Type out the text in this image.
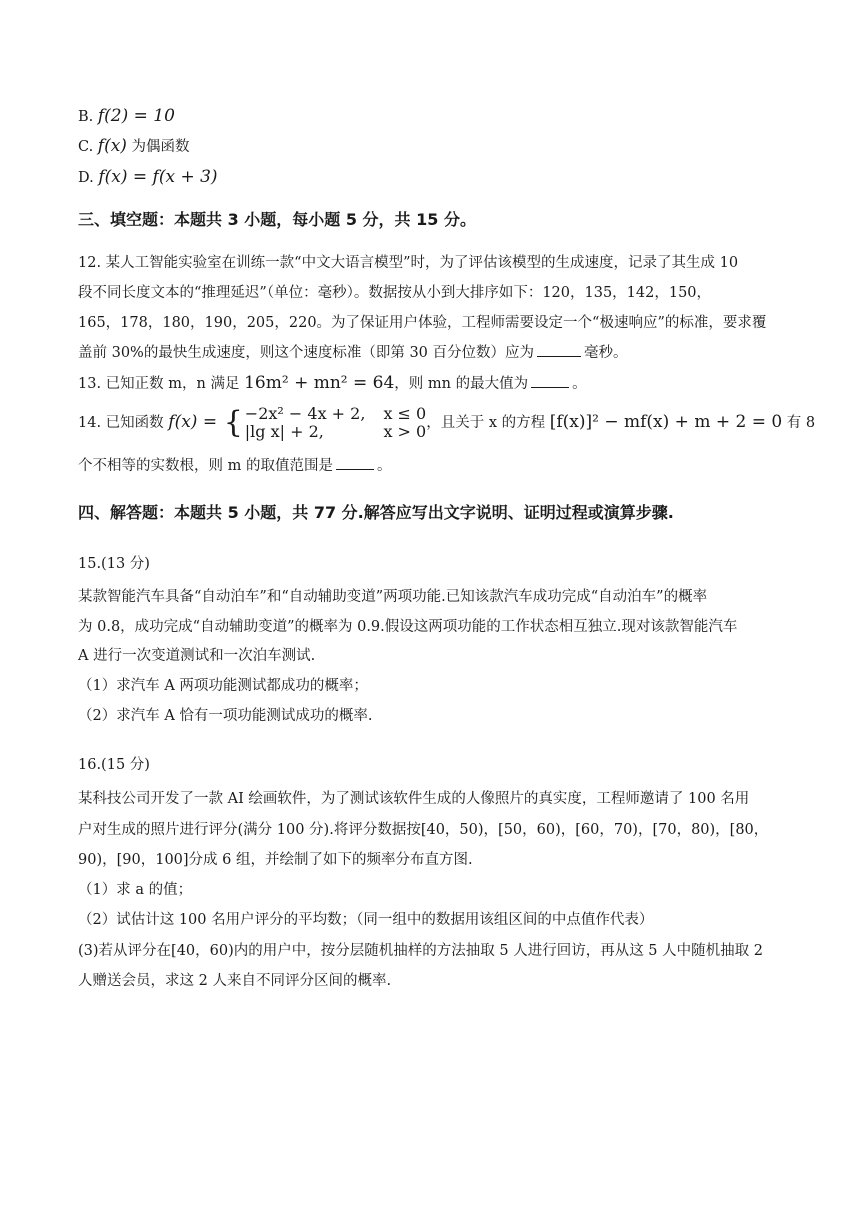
B. f(2) = 10
C. f(x) 为偶函数
D. f(x) = f(x + 3)
三、填空题：本题共 3 小题，每小题 5 分，共 15 分。
12. 某人工智能实验室在训练一款“中文大语言模型”时，为了评估该模型的生成速度，记录了其生成 10
段不同长度文本的“推理延迟”（单位：毫秒）。数据按从小到大排序如下：120，135，142，150，
165，178，180，190，205，220。为了保证用户体验，工程师需要设定一个“极速响应”的标准，要求覆
盖前 30%的最快生成速度，则这个速度标准（即第 30 百分位数）应为	毫秒。
13. 已知正数 m，n 满足 16m² + mn² = 64，则 mn 的最大值为	。
14. 已知函数 f(x) = { −2x² − 4x + 2, x ≤ 0
|lg x| + 2,	x > 0 ，且关于 x 的方程 [f(x)]² − mf(x) + m + 2 = 0 有 8
个不相等的实数根，则 m 的取值范围是	。
四、解答题：本题共 5 小题，共 77 分.解答应写出文字说明、证明过程或演算步骤.
15.(13 分)
某款智能汽车具备“自动泊车”和“自动辅助变道”两项功能.已知该款汽车成功完成“自动泊车”的概率
为 0.8，成功完成“自动辅助变道”的概率为 0.9.假设这两项功能的工作状态相互独立.现对该款智能汽车
A 进行一次变道测试和一次泊车测试.
（1）求汽车 A 两项功能测试都成功的概率；
（2）求汽车 A 恰有一项功能测试成功的概率.
16.(15 分)
某科技公司开发了一款 AI 绘画软件，为了测试该软件生成的人像照片的真实度，工程师邀请了 100 名用
户对生成的照片进行评分(满分 100 分).将评分数据按[40，50)，[50，60)，[60，70)，[70，80)，[80，
90)，[90，100]分成 6 组，并绘制了如下的频率分布直方图.
（1）求 a 的值；
（2）试估计这 100 名用户评分的平均数；（同一组中的数据用该组区间的中点值作代表）
(3)若从评分在[40，60)内的用户中，按分层随机抽样的方法抽取 5 人进行回访，再从这 5 人中随机抽取 2
人赠送会员，求这 2 人来自不同评分区间的概率.
